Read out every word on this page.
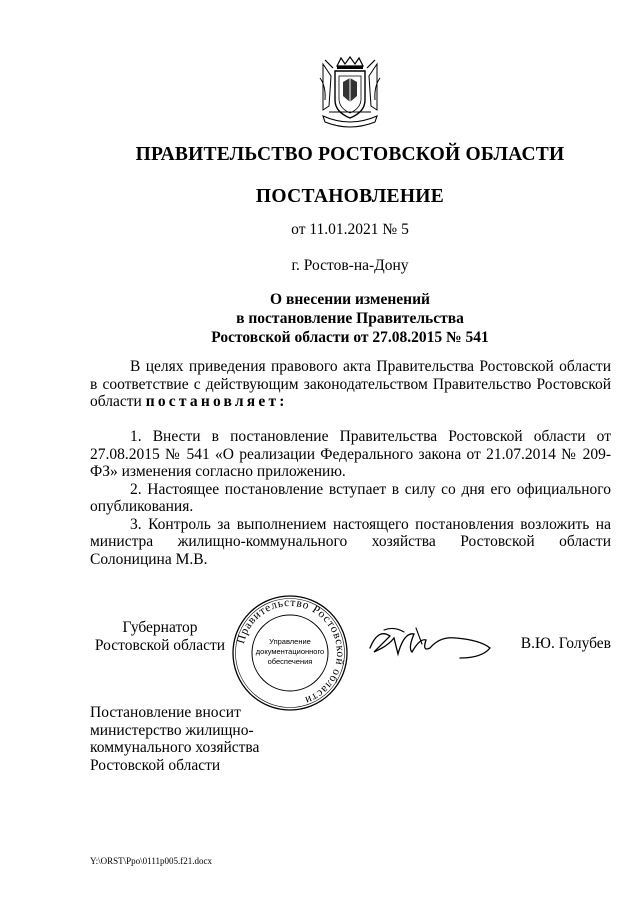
ПРАВИТЕЛЬСТВО РОСТОВСКОЙ ОБЛАСТИ
ПОСТАНОВЛЕНИЕ
от 11.01.2021 № 5
г. Ростов-на-Дону
О внесении изменений
в постановление Правительства
Ростовской области от 27.08.2015 № 541

В целях приведения правового акта Правительства Ростовской области в соответствие с действующим законодательством Правительство Ростовской области постановляет:

1. Внести в постановление Правительства Ростовской области от 27.08.2015 № 541 «О реализации Федерального закона от 21.07.2014 № 209-ФЗ» изменения согласно приложению.

2. Настоящее постановление вступает в силу со дня его официального опубликования.

3. Контроль за выполнением настоящего постановления возложить на министра жилищно-коммунального хозяйства Ростовской области Солоницина М.В.

Губернатор
Ростовской области Правительство Ростовской области
Управление
документационного
обеспечения
В.Ю. Голубев
Постановление вносит
министерство жилищно-
коммунального хозяйства
Ростовской области
Y:\ORST\Ppo\0111p005.f21.docx
